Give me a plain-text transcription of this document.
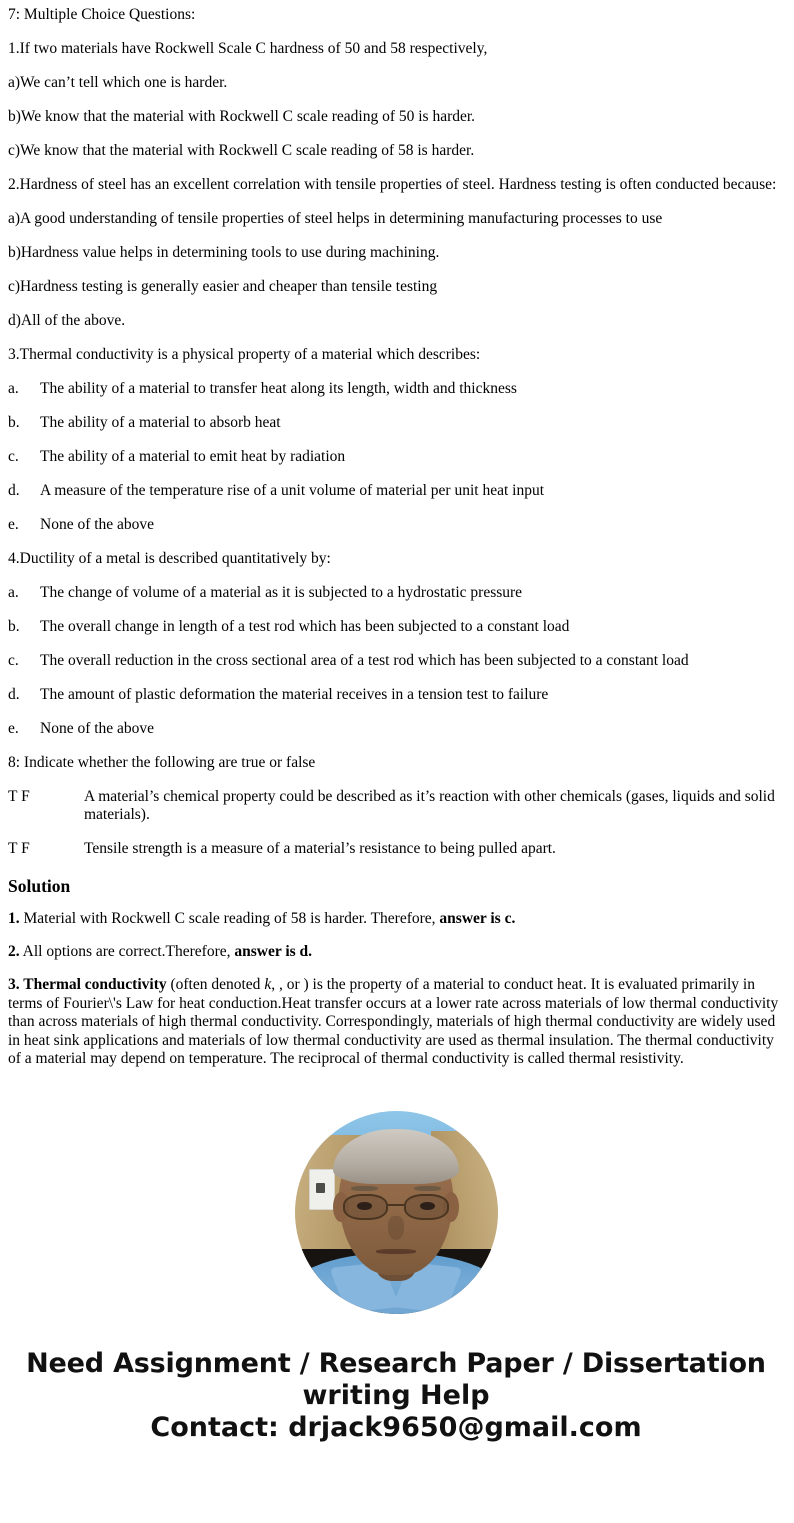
7: Multiple Choice Questions:

1.If two materials have Rockwell Scale C hardness of 50 and 58 respectively,

a)We can’t tell which one is harder.

b)We know that the material with Rockwell C scale reading of 50 is harder.

c)We know that the material with Rockwell C scale reading of 58 is harder.

2.Hardness of steel has an excellent correlation with tensile properties of steel. Hardness testing is often conducted because:

a)A good understanding of tensile properties of steel helps in determining manufacturing processes to use

b)Hardness value helps in determining tools to use during machining.

c)Hardness testing is generally easier and cheaper than tensile testing

d)All of the above.

3.Thermal conductivity is a physical property of a material which describes:

a.	The ability of a material to transfer heat along its length, width and thickness
b.	The ability of a material to absorb heat
c.	The ability of a material to emit heat by radiation
d.	A measure of the temperature rise of a unit volume of material per unit heat input
e.	None of the above

4.Ductility of a metal is described quantitatively by:

a.	The change of volume of a material as it is subjected to a hydrostatic pressure
b.	The overall change in length of a test rod which has been subjected to a constant load
c.	The overall reduction in the cross sectional area of a test rod which has been subjected to a constant load
d.	The amount of plastic deformation the material receives in a tension test to failure
e.	None of the above

8: Indicate whether the following are true or false

T F	A material’s chemical property could be described as it’s reaction with other chemicals (gases, liquids and solid materials).
T F	Tensile strength is a measure of a material’s resistance to being pulled apart.
Solution

1. Material with Rockwell C scale reading of 58 is harder. Therefore, answer is c.

2. All options are correct.Therefore, answer is d.

3. Thermal conductivity (often denoted k, , or ) is the property of a material to conduct heat. It is evaluated primarily in terms of Fourier\'s Law for heat conduction.Heat transfer occurs at a lower rate across materials of low thermal conductivity than across materials of high thermal conductivity. Correspondingly, materials of high thermal conductivity are widely used in heat sink applications and materials of low thermal conductivity are used as thermal insulation. The thermal conductivity of a material may depend on temperature. The reciprocal of thermal conductivity is called thermal resistivity.

Need Assignment / Research Paper / Dissertation
writing Help
Contact: drjack9650@gmail.com
